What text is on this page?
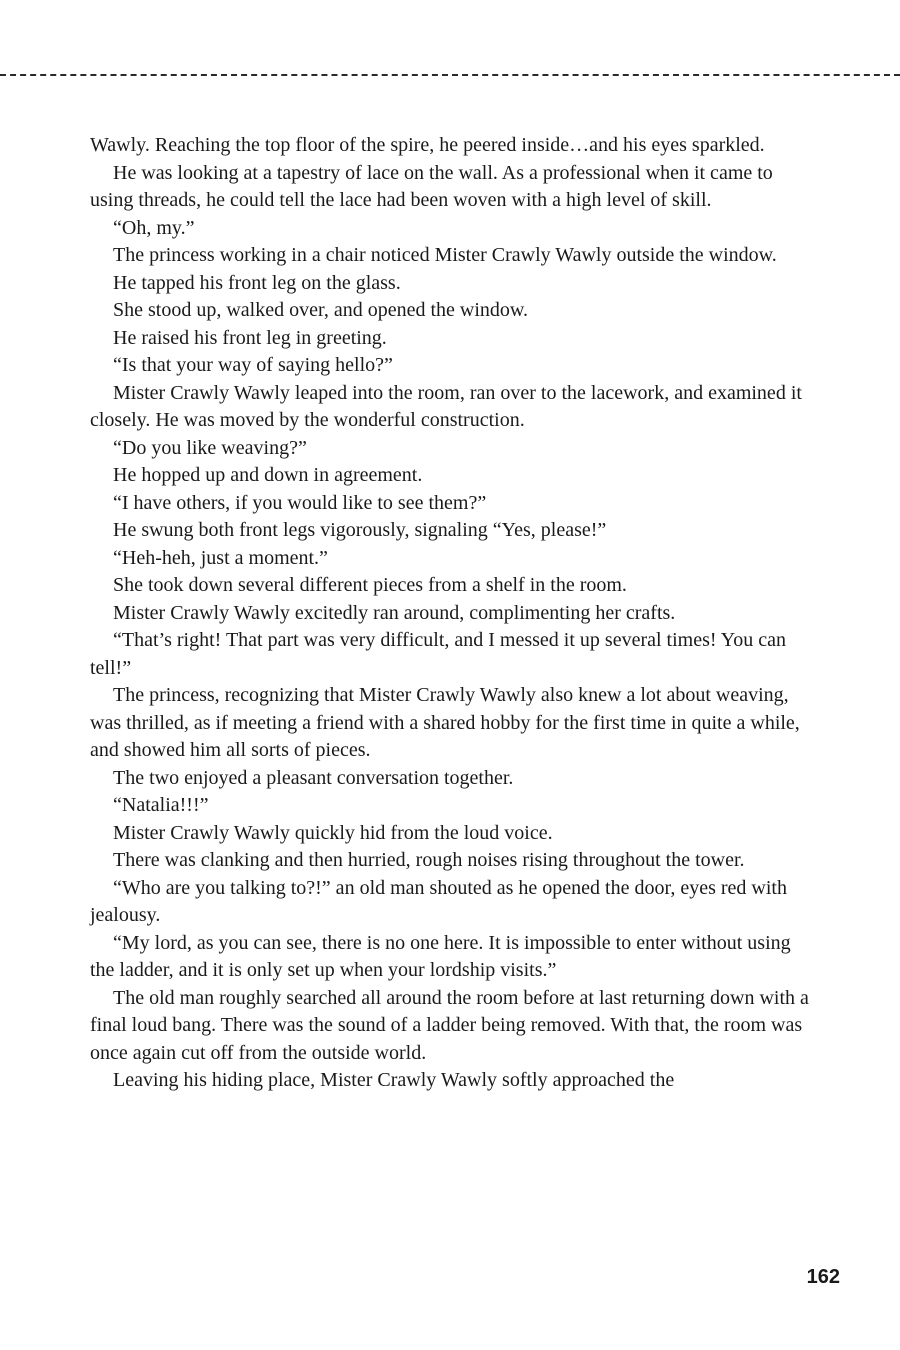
Wawly. Reaching the top floor of the spire, he peered inside…and his eyes sparkled.

He was looking at a tapestry of lace on the wall. As a professional when it came to using threads, he could tell the lace had been woven with a high level of skill.

“Oh, my.”

The princess working in a chair noticed Mister Crawly Wawly outside the window.

He tapped his front leg on the glass.

She stood up, walked over, and opened the window.

He raised his front leg in greeting.

“Is that your way of saying hello?”

Mister Crawly Wawly leaped into the room, ran over to the lacework, and examined it closely. He was moved by the wonderful construction.

“Do you like weaving?”

He hopped up and down in agreement.

“I have others, if you would like to see them?”

He swung both front legs vigorously, signaling “Yes, please!”

“Heh-heh, just a moment.”

She took down several different pieces from a shelf in the room.

Mister Crawly Wawly excitedly ran around, complimenting her crafts.

“That’s right! That part was very difficult, and I messed it up several times! You can tell!”

The princess, recognizing that Mister Crawly Wawly also knew a lot about weaving, was thrilled, as if meeting a friend with a shared hobby for the first time in quite a while, and showed him all sorts of pieces.

The two enjoyed a pleasant conversation together.

“Natalia!!!”

Mister Crawly Wawly quickly hid from the loud voice.

There was clanking and then hurried, rough noises rising throughout the tower.

“Who are you talking to?!” an old man shouted as he opened the door, eyes red with jealousy.

“My lord, as you can see, there is no one here. It is impossible to enter without using the ladder, and it is only set up when your lordship visits.”

The old man roughly searched all around the room before at last returning down with a final loud bang. There was the sound of a ladder being removed. With that, the room was once again cut off from the outside world.

Leaving his hiding place, Mister Crawly Wawly softly approached the

162
